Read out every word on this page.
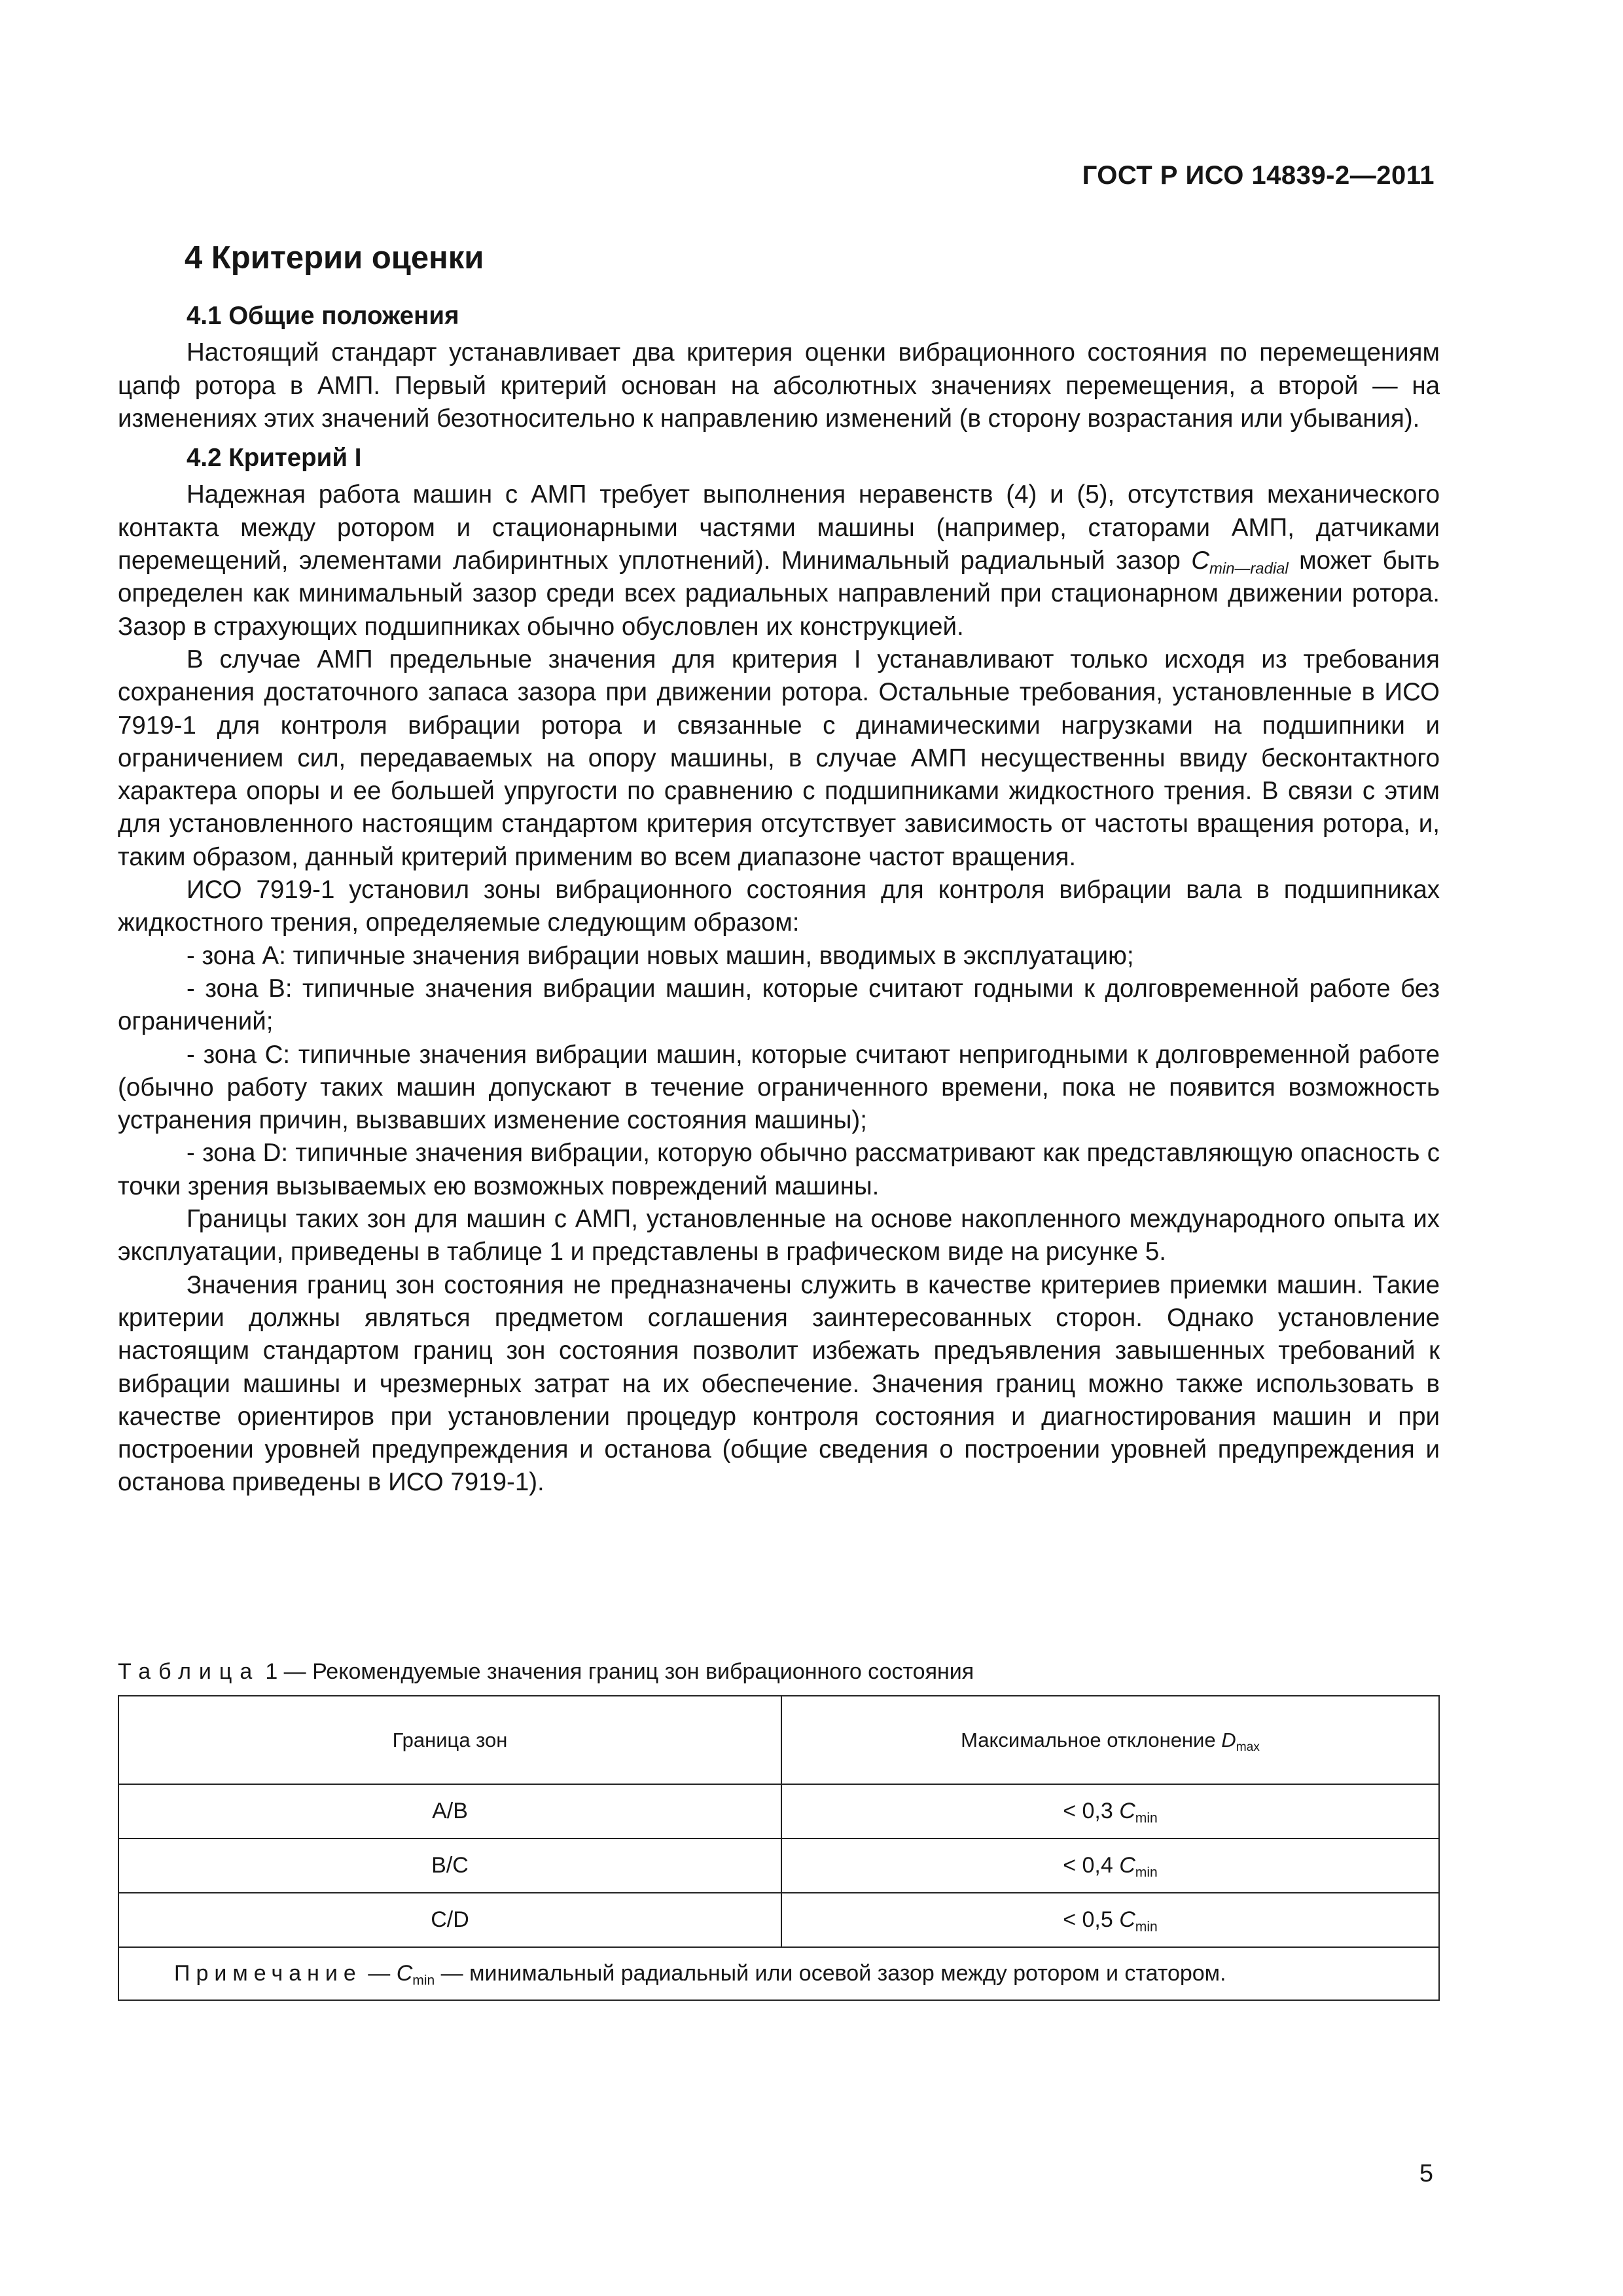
ГОСТ Р ИСО 14839-2—2011

4 Критерии оценки

4.1 Общие положения

Настоящий стандарт устанавливает два критерия оценки вибрационного состояния по перемещениям цапф ротора в АМП. Первый критерий основан на абсолютных значениях перемещения, а второй — на изменениях этих значений безотносительно к направлению изменений (в сторону возрастания или убывания).

4.2 Критерий I

Надежная работа машин с АМП требует выполнения неравенств (4) и (5), отсутствия механического контакта между ротором и стационарными частями машины (например, статорами АМП, датчиками перемещений, элементами лабиринтных уплотнений). Минимальный радиальный зазор $C_{min—radial}$ может быть определен как минимальный зазор среди всех радиальных направлений при стационарном движении ротора. Зазор в страхующих подшипниках обычно обусловлен их конструкцией.

В случае АМП предельные значения для критерия I устанавливают только исходя из требования сохранения достаточного запаса зазора при движении ротора. Остальные требования, установленные в ИСО 7919-1 для контроля вибрации ротора и связанные с динамическими нагрузками на подшипники и ограничением сил, передаваемых на опору машины, в случае АМП несущественны ввиду бесконтактного характера опоры и ее большей упругости по сравнению с подшипниками жидкостного трения. В связи с этим для установленного настоящим стандартом критерия отсутствует зависимость от частоты вращения ротора, и, таким образом, данный критерий применим во всем диапазоне частот вращения.

ИСО 7919-1 установил зоны вибрационного состояния для контроля вибрации вала в подшипниках жидкостного трения, определяемые следующим образом:

- зона А: типичные значения вибрации новых машин, вводимых в эксплуатацию;

- зона В: типичные значения вибрации машин, которые считают годными к долговременной работе без ограничений;

- зона С: типичные значения вибрации машин, которые считают непригодными к долговременной работе (обычно работу таких машин допускают в течение ограниченного времени, пока не появится возможность устранения причин, вызвавших изменение состояния машины);

- зона D: типичные значения вибрации, которую обычно рассматривают как представляющую опасность с точки зрения вызываемых ею возможных повреждений машины.

Границы таких зон для машин с АМП, установленные на основе накопленного международного опыта их эксплуатации, приведены в таблице 1 и представлены в графическом виде на рисунке 5.

Значения границ зон состояния не предназначены служить в качестве критериев приемки машин. Такие критерии должны являться предметом соглашения заинтересованных сторон. Однако установление настоящим стандартом границ зон состояния позволит избежать предъявления завышенных требований к вибрации машины и чрезмерных затрат на их обеспечение. Значения границ можно также использовать в качестве ориентиров при установлении процедур контроля состояния и диагностирования машин и при построении уровней предупреждения и останова (общие сведения о построении уровней предупреждения и останова приведены в ИСО 7919-1).

Таблица 1 — Рекомендуемые значения границ зон вибрационного состояния

Граница зон	Максимальное отклонение $D_{max}$
A/B	< 0,3 $C_{min}$
B/C	< 0,4 $C_{min}$
C/D	< 0,5 $C_{min}$
Примечание — $C_{min}$ — минимальный радиальный или осевой зазор между ротором и статором.	

5
